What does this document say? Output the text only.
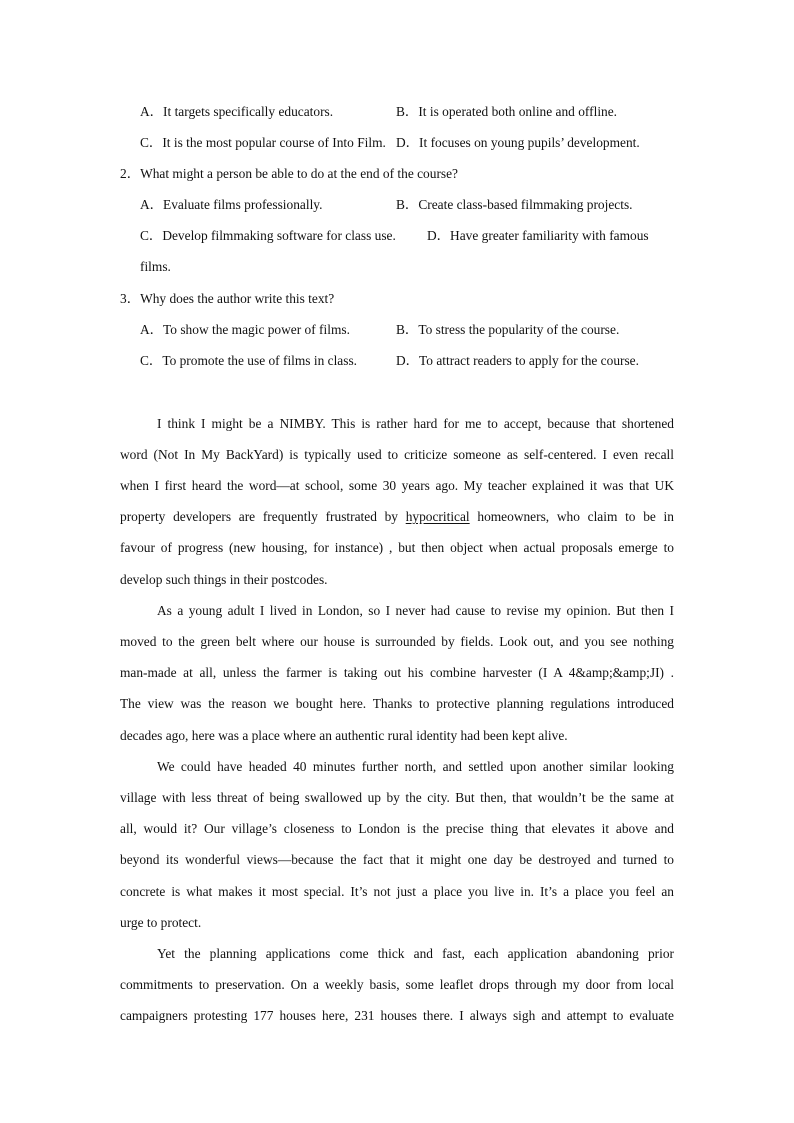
A．It targets specifically educators.	B．It is operated both online and offline.
C．It is the most popular course of Into Film. D．It focuses on young pupils’ development.
2．What might a person be able to do at the end of the course?
A．Evaluate films professionally.	B．Create class-based filmmaking projects.
C．Develop filmmaking software for class use. D．Have greater familiarity with famous
films.
3．Why does the author write this text?
A．To show the magic power of films.	B．To stress the popularity of the course.
C．To promote the use of films in class.	D．To attract readers to apply for the course.
I think I might be a NIMBY. This is rather hard for me to accept, because that shortened
word (Not In My BackYard) is typically used to criticize someone as self-centered. I even recall
when I first heard the word—at school, some 30 years ago. My teacher explained it was that UK
property developers are frequently frustrated by hypocritical homeowners, who claim to be in
favour of progress (new housing, for instance) , but then object when actual proposals emerge to
develop such things in their postcodes.
As a young adult I lived in London, so I never had cause to revise my opinion. But then I
moved to the green belt where our house is surrounded by fields. Look out, and you see nothing
man-made at all, unless the farmer is taking out his combine harvester (I A 4&amp;&amp;JI) .
The view was the reason we bought here. Thanks to protective planning regulations introduced
decades ago, here was a place where an authentic rural identity had been kept alive.
We could have headed 40 minutes further north, and settled upon another similar looking
village with less threat of being swallowed up by the city. But then, that wouldn’t be the same at
all, would it? Our village’s closeness to London is the precise thing that elevates it above and
beyond its wonderful views—because the fact that it might one day be destroyed and turned to
concrete is what makes it most special. It’s not just a place you live in. It’s a place you feel an
urge to protect.
Yet the planning applications come thick and fast, each application abandoning prior
commitments to preservation. On a weekly basis, some leaflet drops through my door from local
campaigners protesting 177 houses here, 231 houses there. I always sigh and attempt to evaluate
